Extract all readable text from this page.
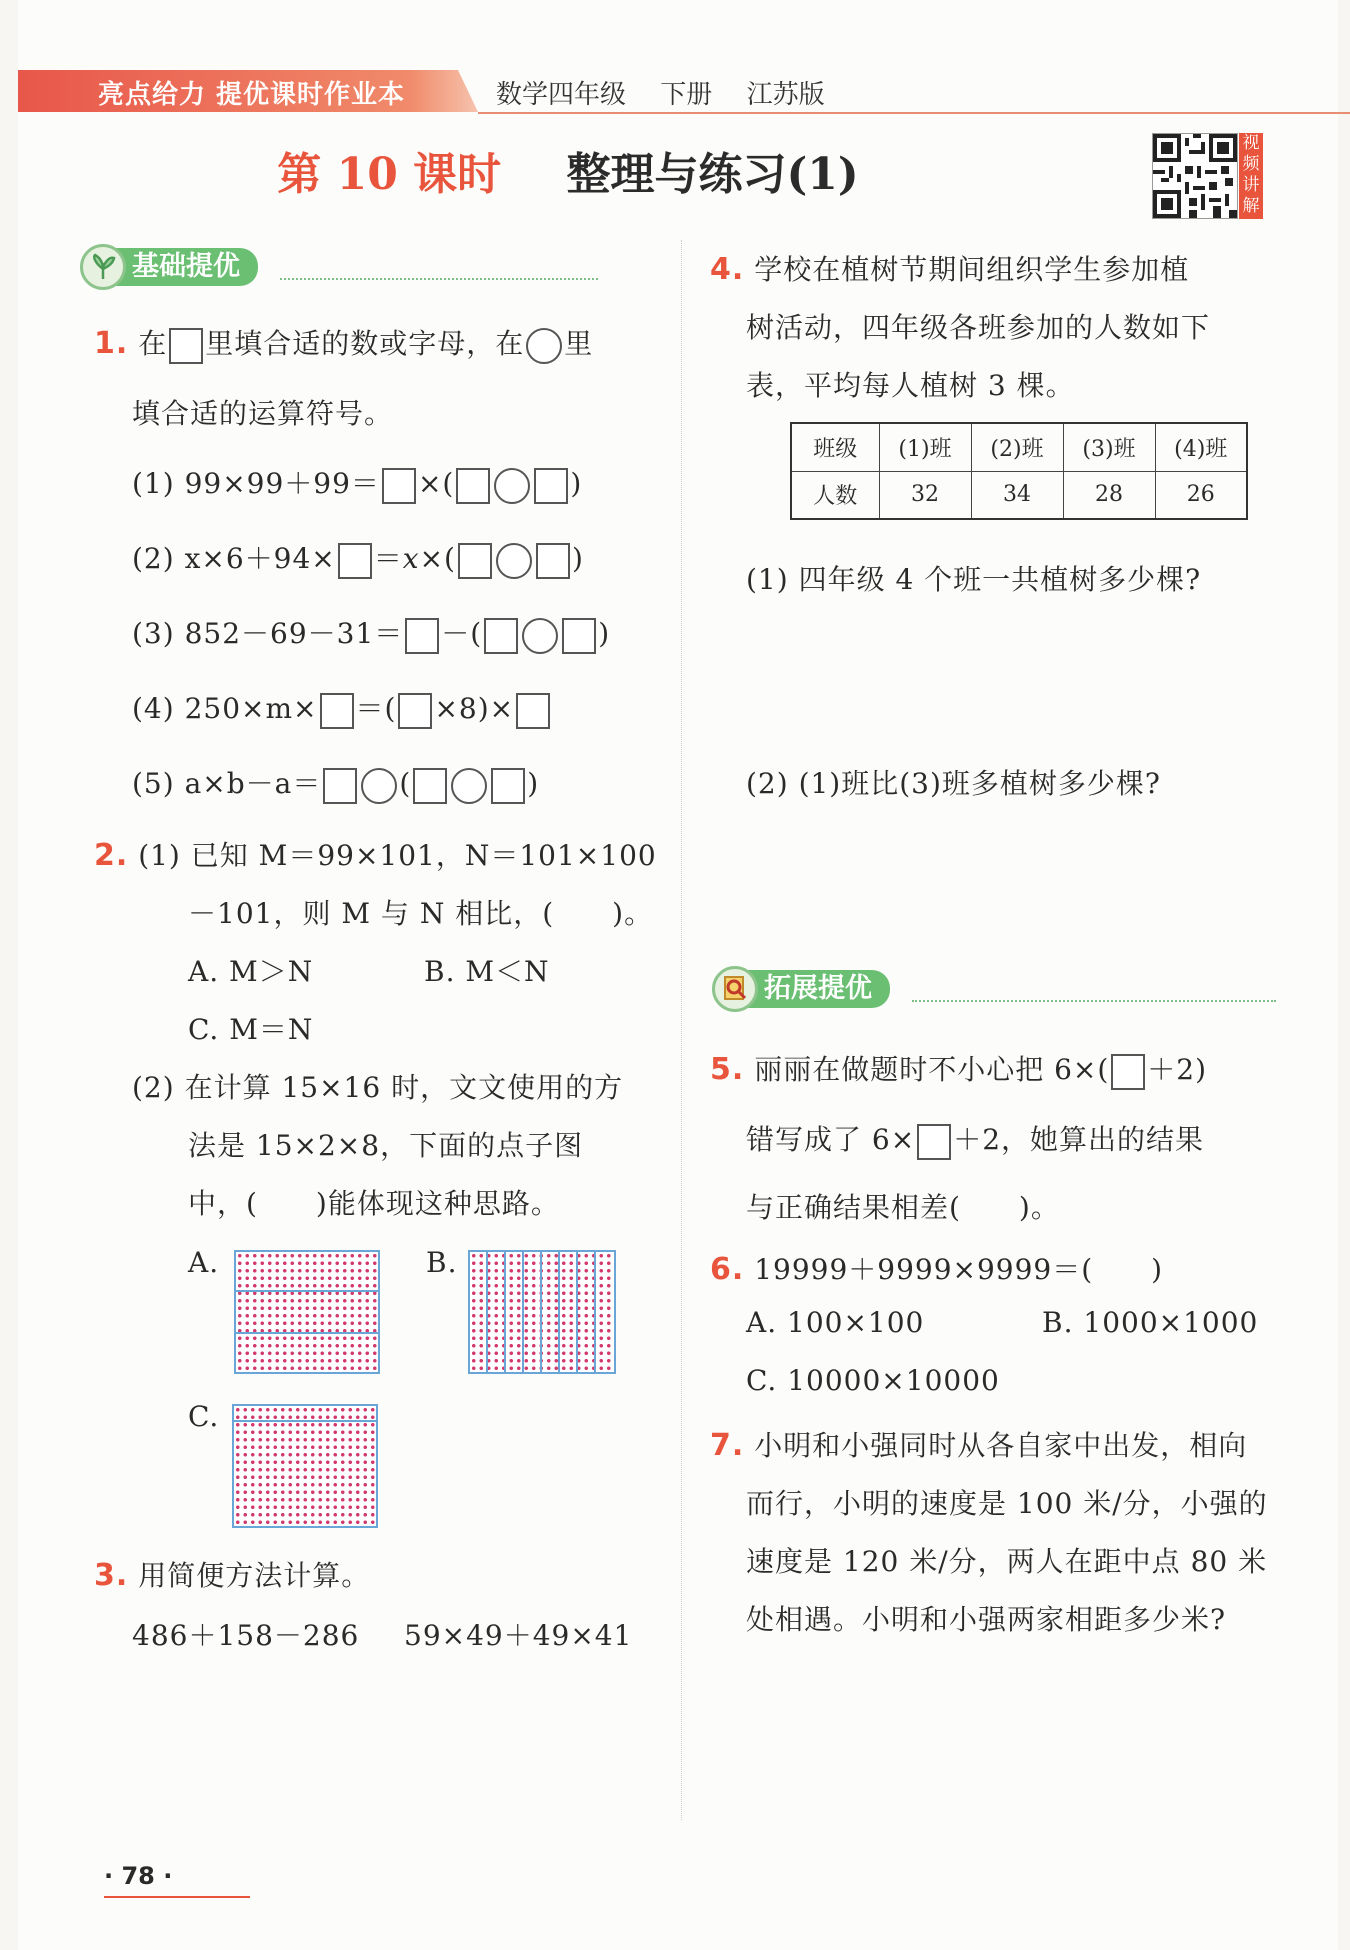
亮点给力 提优课时作业本	数学四年级 下册 江苏版
第 10 课时 整理与练习(1)
视频讲解
基础提优
1. 在 里填合适的数或字母，在 里
填合适的运算符号。
(1) 99×99＋99＝ ×(	)
(2) x×6＋94× ＝x×(	)
(3) 852－69－31＝ －(	)
(4) 250×m× ＝( ×8)×
(5) a×b－a＝	(	)
2. (1) 已知 M＝99×101，N＝101×100
－101，则 M 与 N 相比，(　　)。
A. M＞N	B. M＜N
C. M＝N
(2) 在计算 15×16 时，文文使用的方
法是 15×2×8，下面的点子图
中，(　　)能体现这种思路。
A.	B.
C.
3. 用简便方法计算。
486＋158－286 59×49＋49×41
4. 学校在植树节期间组织学生参加植
树活动，四年级各班参加的人数如下
表，平均每人植树 3 棵。
班级	(1)班	(2)班	(3)班	(4)班
人数	32	34	28	26
(1) 四年级 4 个班一共植树多少棵?
(2) (1)班比(3)班多植树多少棵?
拓展提优
5. 丽丽在做题时不小心把 6×( ＋2)
错写成了 6× ＋2，她算出的结果
与正确结果相差(　　)。
6. 19999＋9999×9999＝(　　)
A. 100×100	B. 1000×1000
C. 10000×10000
7. 小明和小强同时从各自家中出发，相向
而行，小明的速度是 100 米/分，小强的
速度是 120 米/分，两人在距中点 80 米
处相遇。小明和小强两家相距多少米?
· 78 ·
